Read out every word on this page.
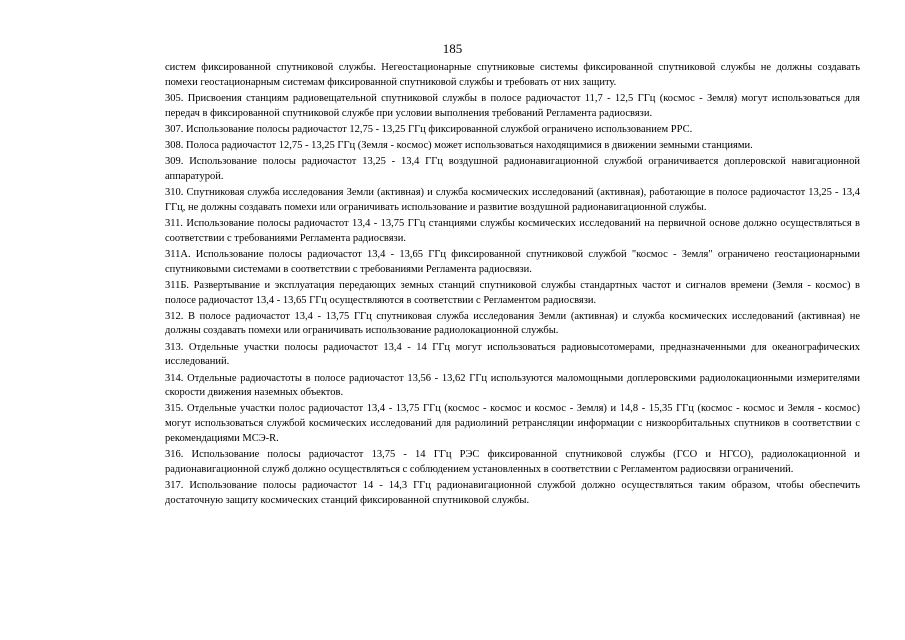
185

систем фиксированной спутниковой службы. Негеостационарные спутниковые системы фиксированной спутниковой службы не должны создавать помехи геостационарным системам фиксированной спутниковой службы и требовать от них защиту.

305. Присвоения станциям радиовещательной спутниковой службы в полосе радиочастот 11,7 - 12,5 ГГц (космос - Земля) могут использоваться для передач в фиксированной спутниковой службе при условии выполнения требований Регламента радиосвязи.

307. Использование полосы радиочастот 12,75 - 13,25 ГГц фиксированной службой ограничено использованием РРС.

308. Полоса радиочастот 12,75 - 13,25 ГГц (Земля - космос) может использоваться находящимися в движении земными станциями.

309. Использование полосы радиочастот 13,25 - 13,4 ГГц воздушной радионавигационной службой ограничивается доплеровской навигационной аппаратурой.

310. Спутниковая служба исследования Земли (активная) и служба космических исследований (активная), работающие в полосе радиочастот 13,25 - 13,4 ГГц, не должны создавать помехи или ограничивать использование и развитие воздушной радионавигационной службы.

311. Использование полосы радиочастот 13,4 - 13,75 ГГц станциями службы космических исследований на первичной основе должно осуществляться в соответствии с требованиями Регламента радиосвязи.

311А. Использование полосы радиочастот 13,4 - 13,65 ГГц фиксированной спутниковой службой "космос - Земля" ограничено геостационарными спутниковыми системами в соответствии с требованиями Регламента радиосвязи.

311Б. Развертывание и эксплуатация передающих земных станций спутниковой службы стандартных частот и сигналов времени (Земля - космос) в полосе радиочастот 13,4 - 13,65 ГГц осуществляются в соответствии с Регламентом радиосвязи.

312. В полосе радиочастот 13,4 - 13,75 ГГц спутниковая служба исследования Земли (активная) и служба космических исследований (активная) не должны создавать помехи или ограничивать использование радиолокационной службы.

313. Отдельные участки полосы радиочастот 13,4 - 14 ГГц могут использоваться радиовысотомерами, предназначенными для океанографических исследований.

314. Отдельные радиочастоты в полосе радиочастот 13,56 - 13,62 ГГц используются маломощными доплеровскими радиолокационными измерителями скорости движения наземных объектов.

315. Отдельные участки полос радиочастот 13,4 - 13,75 ГГц (космос - космос и космос - Земля) и 14,8 - 15,35 ГГц (космос - космос и Земля - космос) могут использоваться службой космических исследований для радиолиний ретрансляции информации с низкоорбитальных спутников в соответствии с рекомендациями МСЭ-R.

316. Использование полосы радиочастот 13,75 - 14 ГГц РЭС фиксированной спутниковой службы (ГСО и НГСО), радиолокационной и радионавигационной служб должно осуществляться с соблюдением установленных в соответствии с Регламентом радиосвязи ограничений.

317. Использование полосы радиочастот 14 - 14,3 ГГц радионавигационной службой должно осуществляться таким образом, чтобы обеспечить достаточную защиту космических станций фиксированной спутниковой службы.
